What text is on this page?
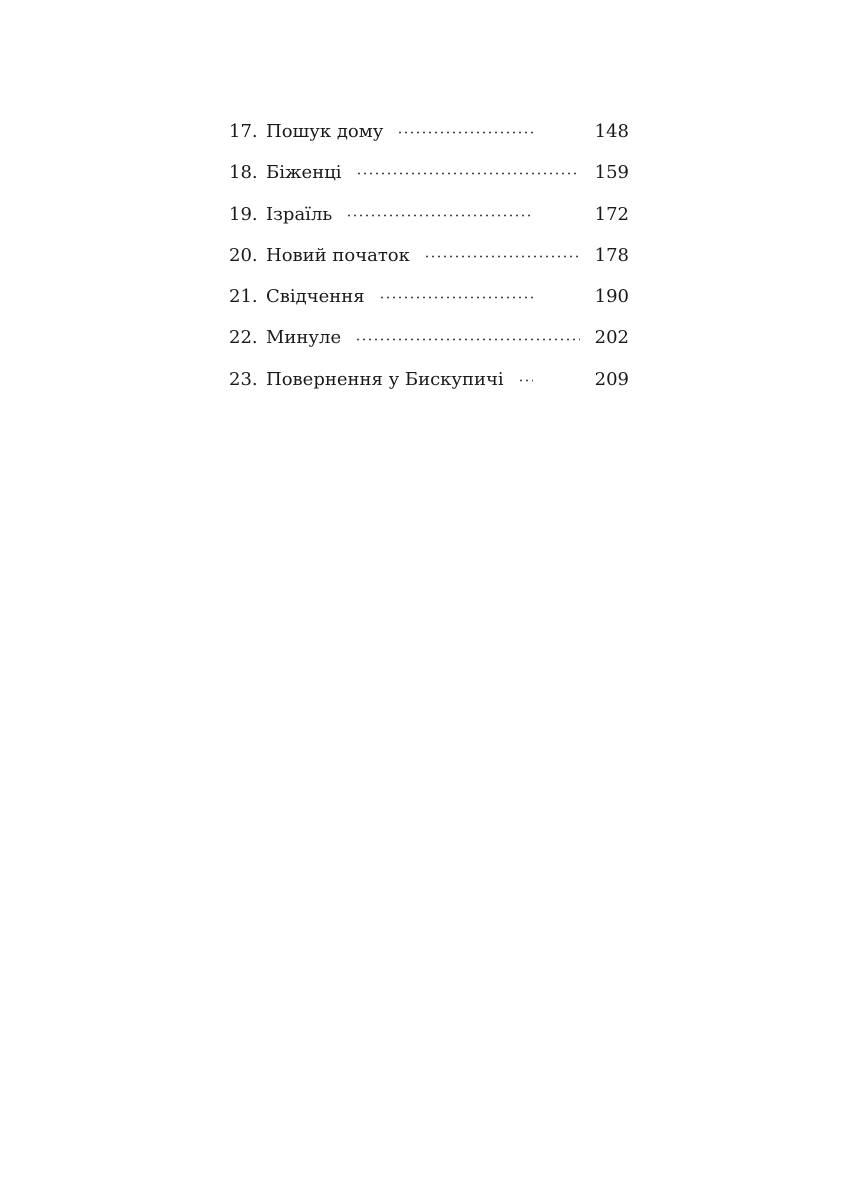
17. Пошук дому	148
18. Біженці	159
19. Ізраїль	172
20. Новий початок	178
21. Свідчення	190
22. Минуле	202
23. Повернення у Бискупичі	209
